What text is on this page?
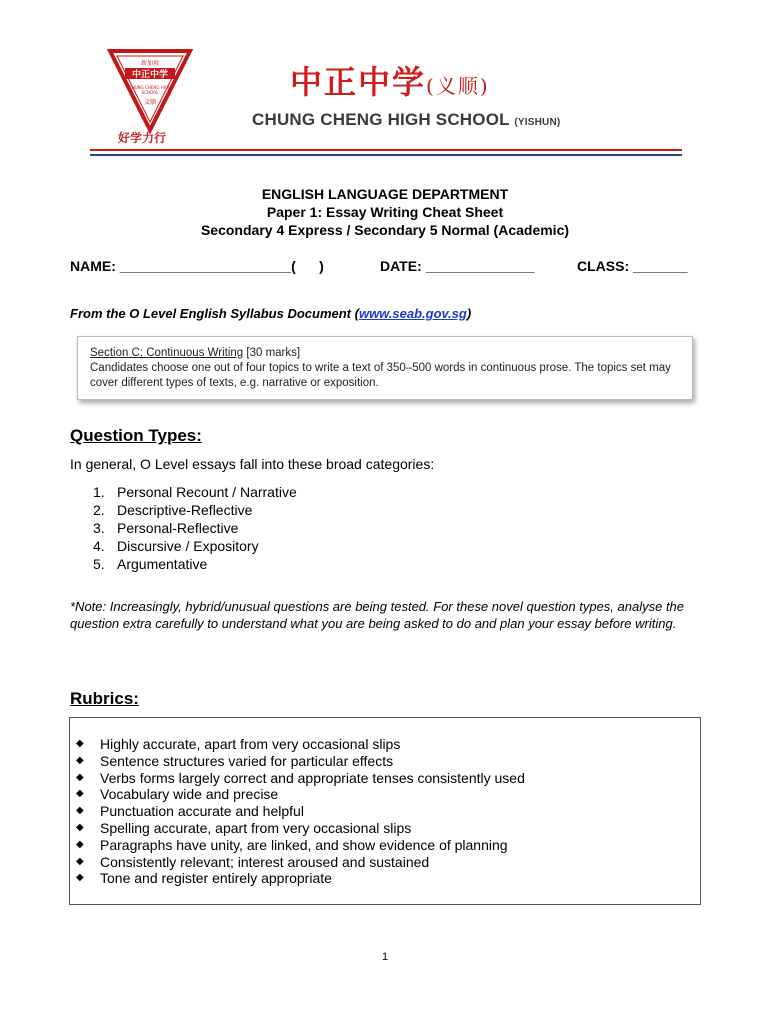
新加坡
中正中学
CHUNG CHENG HIGH
SCHOOL
义顺
好学力行
中正中学(义顺)
CHUNG CHENG HIGH SCHOOL (YISHUN)
ENGLISH LANGUAGE DEPARTMENT
Paper 1: Essay Writing Cheat Sheet
Secondary 4 Express / Secondary 5 Normal (Academic)
NAME: ______________________(      )	DATE: ______________	CLASS: _______
From the O Level English Syllabus Document (www.seab.gov.sg)
Section C: Continuous Writing [30 marks]
Candidates choose one out of four topics to write a text of 350–500 words in continuous prose. The topics set may cover different types of texts, e.g. narrative or exposition.
Question Types:
In general, O Level essays fall into these broad categories:
1. Personal Recount / Narrative
2. Descriptive-Reflective
3. Personal-Reflective
4. Discursive / Expository
5. Argumentative
*Note: Increasingly, hybrid/unusual questions are being tested. For these novel question types, analyse the question extra carefully to understand what you are being asked to do and plan your essay before writing.
Rubrics:
◆ Highly accurate, apart from very occasional slips
◆ Sentence structures varied for particular effects
◆ Verbs forms largely correct and appropriate tenses consistently used
◆ Vocabulary wide and precise
◆ Punctuation accurate and helpful
◆ Spelling accurate, apart from very occasional slips
◆ Paragraphs have unity, are linked, and show evidence of planning
◆ Consistently relevant; interest aroused and sustained
◆ Tone and register entirely appropriate
1
